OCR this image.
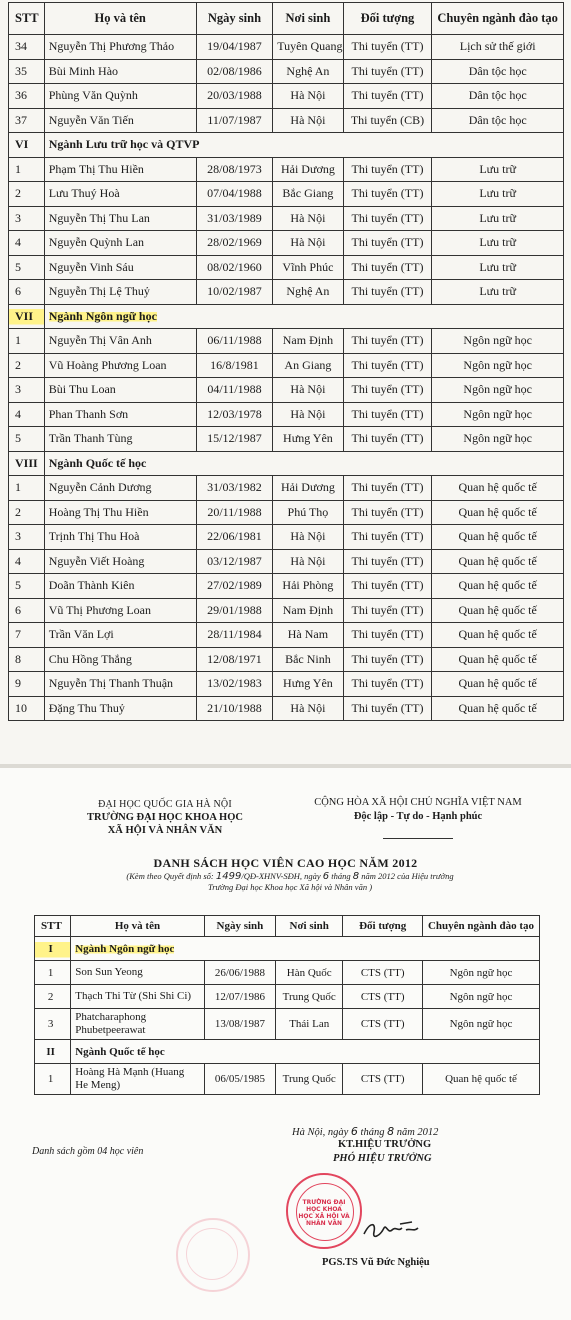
STT	Họ và tên	Ngày sinh	Nơi sinh	Đối tượng	Chuyên ngành đào tạo
34	Nguyễn Thị Phương Thảo	19/04/1987	Tuyên Quang	Thi tuyển (TT)	Lịch sử thế giới
35	Bùi Minh Hào	02/08/1986	Nghệ An	Thi tuyển (TT)	Dân tộc học
36	Phùng Văn Quỳnh	20/03/1988	Hà Nội	Thi tuyển (TT)	Dân tộc học
37	Nguyễn Văn Tiến	11/07/1987	Hà Nội	Thi tuyển (CB)	Dân tộc học
VI	Ngành Lưu trữ học và QTVP				
1	Phạm Thị Thu Hiền	28/08/1973	Hải Dương	Thi tuyển (TT)	Lưu trữ
2	Lưu Thuý Hoà	07/04/1988	Bắc Giang	Thi tuyển (TT)	Lưu trữ
3	Nguyễn Thị Thu Lan	31/03/1989	Hà Nội	Thi tuyển (TT)	Lưu trữ
4	Nguyễn Quỳnh Lan	28/02/1969	Hà Nội	Thi tuyển (TT)	Lưu trữ
5	Nguyễn Vinh Sáu	08/02/1960	Vĩnh Phúc	Thi tuyển (TT)	Lưu trữ
6	Nguyễn Thị Lệ Thuỷ	10/02/1987	Nghệ An	Thi tuyển (TT)	Lưu trữ
VII	Ngành Ngôn ngữ học				
1	Nguyễn Thị Vân Anh	06/11/1988	Nam Định	Thi tuyển (TT)	Ngôn ngữ học
2	Vũ Hoàng Phương Loan	16/8/1981	An Giang	Thi tuyển (TT)	Ngôn ngữ học
3	Bùi Thu Loan	04/11/1988	Hà Nội	Thi tuyển (TT)	Ngôn ngữ học
4	Phan Thanh Sơn	12/03/1978	Hà Nội	Thi tuyển (TT)	Ngôn ngữ học
5	Trần Thanh Tùng	15/12/1987	Hưng Yên	Thi tuyển (TT)	Ngôn ngữ học
VIII	Ngành Quốc tế học				
1	Nguyễn Cảnh Dương	31/03/1982	Hải Dương	Thi tuyển (TT)	Quan hệ quốc tế
2	Hoàng Thị Thu Hiền	20/11/1988	Phú Thọ	Thi tuyển (TT)	Quan hệ quốc tế
3	Trịnh Thị Thu Hoà	22/06/1981	Hà Nội	Thi tuyển (TT)	Quan hệ quốc tế
4	Nguyễn Viết Hoàng	03/12/1987	Hà Nội	Thi tuyển (TT)	Quan hệ quốc tế
5	Doãn Thành Kiên	27/02/1989	Hải Phòng	Thi tuyển (TT)	Quan hệ quốc tế
6	Vũ Thị Phương Loan	29/01/1988	Nam Định	Thi tuyển (TT)	Quan hệ quốc tế
7	Trần Văn Lợi	28/11/1984	Hà Nam	Thi tuyển (TT)	Quan hệ quốc tế
8	Chu Hồng Thắng	12/08/1971	Bắc Ninh	Thi tuyển (TT)	Quan hệ quốc tế
9	Nguyễn Thị Thanh Thuận	13/02/1983	Hưng Yên	Thi tuyển (TT)	Quan hệ quốc tế
10	Đặng Thu Thuỷ	21/10/1988	Hà Nội	Thi tuyển (TT)	Quan hệ quốc tế
ĐẠI HỌC QUỐC GIA HÀ NỘI
TRƯỜNG ĐẠI HỌC KHOA HỌC
XÃ HỘI VÀ NHÂN VĂN
CỘNG HÒA XÃ HỘI CHỦ NGHĨA VIỆT NAM
Độc lập - Tự do - Hạnh phúc
DANH SÁCH HỌC VIÊN CAO HỌC NĂM 2012
(Kèm theo Quyết định số: 1499/QĐ-XHNV-SĐH, ngày 6 tháng 8 năm 2012 của Hiệu trưởng
Trường Đại học Khoa học Xã hội và Nhân văn )
STT	Họ và tên	Ngày sinh	Nơi sinh	Đối tượng	Chuyên ngành đào tạo
I	Ngành Ngôn ngữ học				
1	Son Sun Yeong	26/06/1988	Hàn Quốc	CTS (TT)	Ngôn ngữ học
2	Thạch Thi Từ (Shi Shi Ci)	12/07/1986	Trung Quốc	CTS (TT)	Ngôn ngữ học
3	Phatcharaphong Phubetpeerawat	13/08/1987	Thái Lan	CTS (TT)	Ngôn ngữ học
II	Ngành Quốc tế học				
1	Hoàng Hà Mạnh (Huang He Meng)	06/05/1985	Trung Quốc	CTS (TT)	Quan hệ quốc tế
Danh sách gồm 04 học viên
Hà Nội, ngày 6 tháng 8 năm 2012
KT.HIỆU TRƯỞNG
PHÓ HIỆU TRƯỞNG
TRƯỜNG ĐẠI HỌC KHOA HỌC XÃ HỘI VÀ NHÂN VĂN
PGS.TS Vũ Đức Nghiệu
